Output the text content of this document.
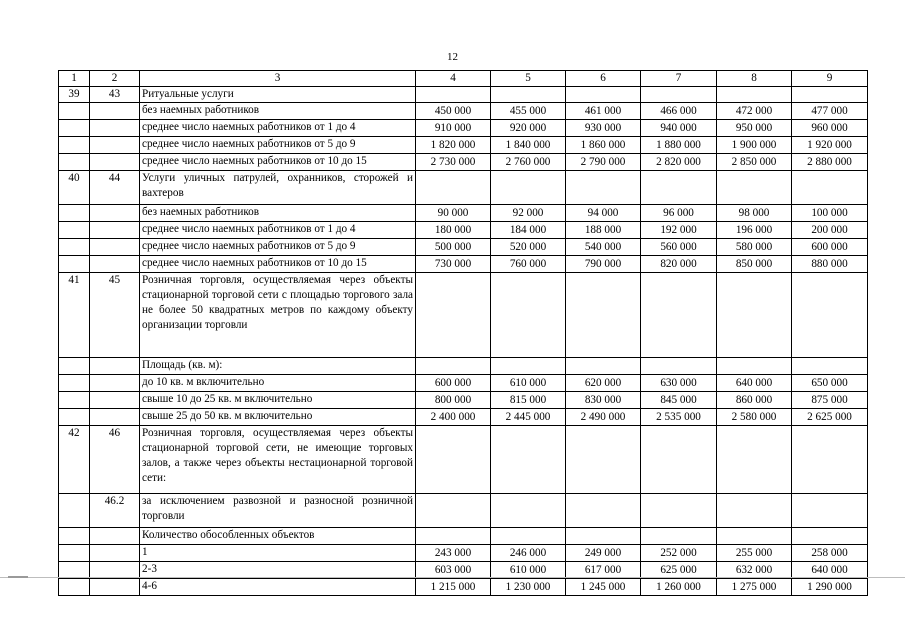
12
1	2	3	4	5	6	7	8	9
39	43	Ритуальные услуги						
		без наемных работников	450 000	455 000	461 000	466 000	472 000	477 000
		среднее число наемных работников от 1 до 4	910 000	920 000	930 000	940 000	950 000	960 000
		среднее число наемных работников от 5 до 9	1 820 000	1 840 000	1 860 000	1 880 000	1 900 000	1 920 000
		среднее число наемных работников от 10 до 15	2 730 000	2 760 000	2 790 000	2 820 000	2 850 000	2 880 000
40	44	Услуги уличных патрулей, охранников, сторожей и вахтеров						
		без наемных работников	90 000	92 000	94 000	96 000	98 000	100 000
		среднее число наемных работников от 1 до 4	180 000	184 000	188 000	192 000	196 000	200 000
		среднее число наемных работников от 5 до 9	500 000	520 000	540 000	560 000	580 000	600 000
		среднее число наемных работников от 10 до 15	730 000	760 000	790 000	820 000	850 000	880 000
41	45	Розничная торговля, осуществляемая через объекты стационарной торговой сети с площадью торгового зала не более 50 квадратных метров по каждому объекту организации торговли						
		Площадь (кв. м):						
		до 10 кв. м включительно	600 000	610 000	620 000	630 000	640 000	650 000
		свыше 10 до 25 кв. м включительно	800 000	815 000	830 000	845 000	860 000	875 000
		свыше 25 до 50 кв. м включительно	2 400 000	2 445 000	2 490 000	2 535 000	2 580 000	2 625 000
42	46	Розничная торговля, осуществляемая через объекты стационарной торговой сети, не имеющие торговых залов, а также через объекты нестационарной торговой сети:						
	46.2	за исключением развозной и разносной розничной торговли						
		Количество обособленных объектов						
		1	243 000	246 000	249 000	252 000	255 000	258 000
		2-3	603 000	610 000	617 000	625 000	632 000	640 000
		4-6	1 215 000	1 230 000	1 245 000	1 260 000	1 275 000	1 290 000
